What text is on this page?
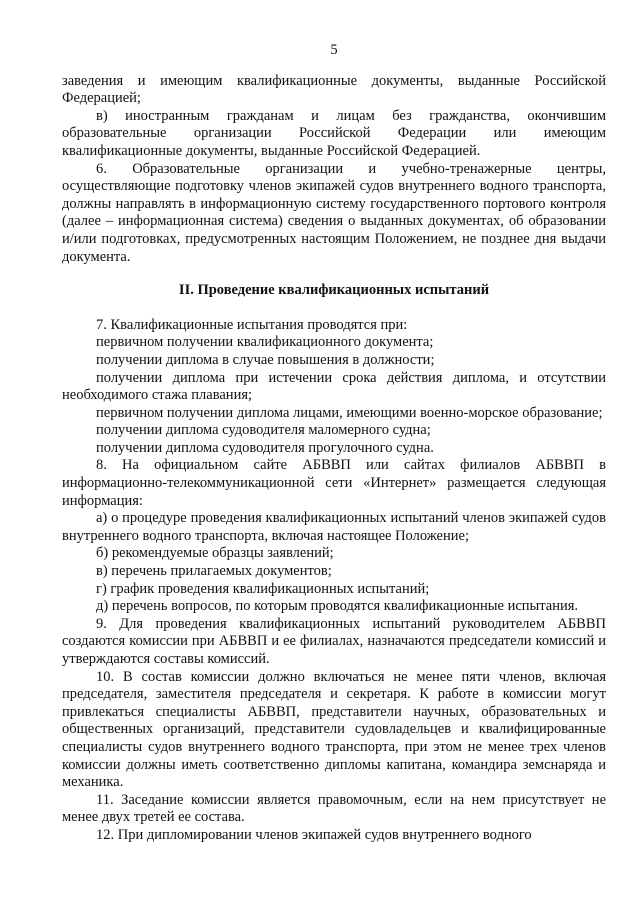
5

заведения и имеющим квалификационные документы, выданные Российской Федерацией;

в) иностранным гражданам и лицам без гражданства, окончившим образовательные организации Российской Федерации или имеющим квалификационные документы, выданные Российской Федерацией.

6. Образовательные организации и учебно-тренажерные центры, осуществляющие подготовку членов экипажей судов внутреннего водного транспорта, должны направлять в информационную систему государственного портового контроля (далее – информационная система) сведения о выданных документах, об образовании и/или подготовках, предусмотренных настоящим Положением, не позднее дня выдачи документа.

II. Проведение квалификационных испытаний

7. Квалификационные испытания проводятся при:

первичном получении квалификационного документа;

получении диплома в случае повышения в должности;

получении диплома при истечении срока действия диплома, и отсутствии необходимого стажа плавания;

первичном получении диплома лицами, имеющими военно-морское образование;

получении диплома судоводителя маломерного судна;

получении диплома судоводителя прогулочного судна.

8. На официальном сайте АБВВП или сайтах филиалов АБВВП в информационно-телекоммуникационной сети «Интернет» размещается следующая информация:

а) о процедуре проведения квалификационных испытаний членов экипажей судов внутреннего водного транспорта, включая настоящее Положение;

б) рекомендуемые образцы заявлений;

в) перечень прилагаемых документов;

г) график проведения квалификационных испытаний;

д) перечень вопросов, по которым проводятся квалификационные испытания.

9. Для проведения квалификационных испытаний руководителем АБВВП создаются комиссии при АБВВП и ее филиалах, назначаются председатели комиссий и утверждаются составы комиссий.

10. В состав комиссии должно включаться не менее пяти членов, включая председателя, заместителя председателя и секретаря. К работе в комиссии могут привлекаться специалисты АБВВП, представители научных, образовательных и общественных организаций, представители судовладельцев и квалифицированные специалисты судов внутреннего водного транспорта, при этом не менее трех членов комиссии должны иметь соответственно дипломы капитана, командира земснаряда и механика.

11. Заседание комиссии является правомочным, если на нем присутствует не менее двух третей ее состава.

12. При дипломировании членов экипажей судов внутреннего водного
